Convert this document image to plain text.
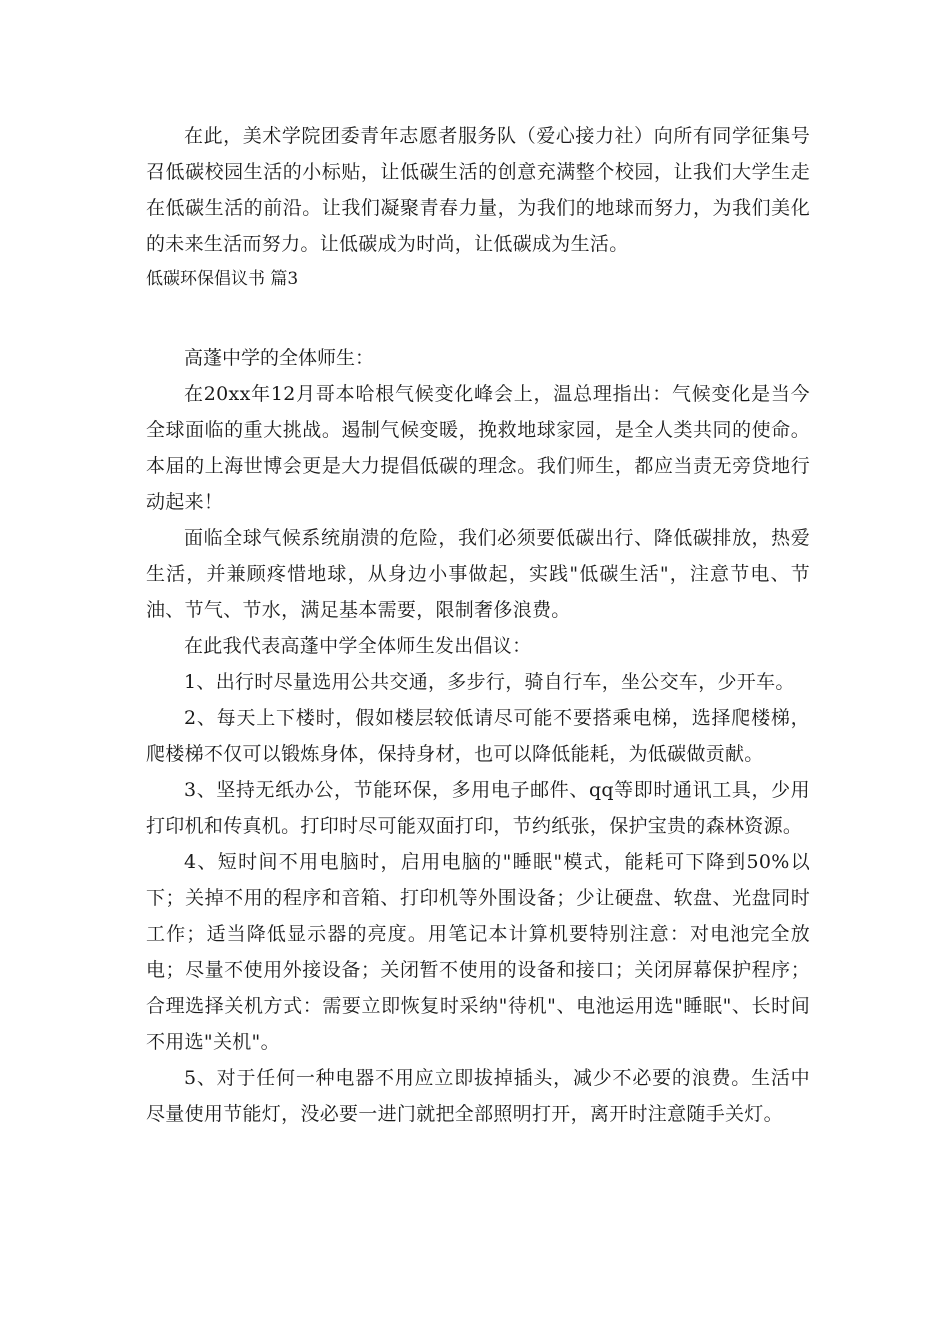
在此，美术学院团委青年志愿者服务队（爱心接力社）向所有同学征集号召低碳校园生活的小标贴，让低碳生活的创意充满整个校园，让我们大学生走在低碳生活的前沿。让我们凝聚青春力量，为我们的地球而努力，为我们美化的未来生活而努力。让低碳成为时尚，让低碳成为生活。

低碳环保倡议书 篇3

高蓬中学的全体师生：

在20xx年12月哥本哈根气候变化峰会上，温总理指出：气候变化是当今全球面临的重大挑战。遏制气候变暖，挽救地球家园，是全人类共同的使命。本届的上海世博会更是大力提倡低碳的理念。我们师生，都应当责无旁贷地行动起来！

面临全球气候系统崩溃的危险，我们必须要低碳出行、降低碳排放，热爱生活，并兼顾疼惜地球，从身边小事做起，实践"低碳生活"，注意节电、节油、节气、节水，满足基本需要，限制奢侈浪费。

在此我代表高蓬中学全体师生发出倡议：

1、出行时尽量选用公共交通，多步行，骑自行车，坐公交车，少开车。

2、每天上下楼时，假如楼层较低请尽可能不要搭乘电梯，选择爬楼梯，爬楼梯不仅可以锻炼身体，保持身材，也可以降低能耗，为低碳做贡献。

3、坚持无纸办公，节能环保，多用电子邮件、qq等即时通讯工具，少用打印机和传真机。打印时尽可能双面打印，节约纸张，保护宝贵的森林资源。

4、短时间不用电脑时，启用电脑的"睡眠"模式，能耗可下降到50%以下；关掉不用的程序和音箱、打印机等外围设备；少让硬盘、软盘、光盘同时工作；适当降低显示器的亮度。用笔记本计算机要特别注意：对电池完全放电；尽量不使用外接设备；关闭暂不使用的设备和接口；关闭屏幕保护程序；合理选择关机方式：需要立即恢复时采纳"待机"、电池运用选"睡眠"、长时间不用选"关机"。

5、对于任何一种电器不用应立即拔掉插头，减少不必要的浪费。生活中尽量使用节能灯，没必要一进门就把全部照明打开，离开时注意随手关灯。
